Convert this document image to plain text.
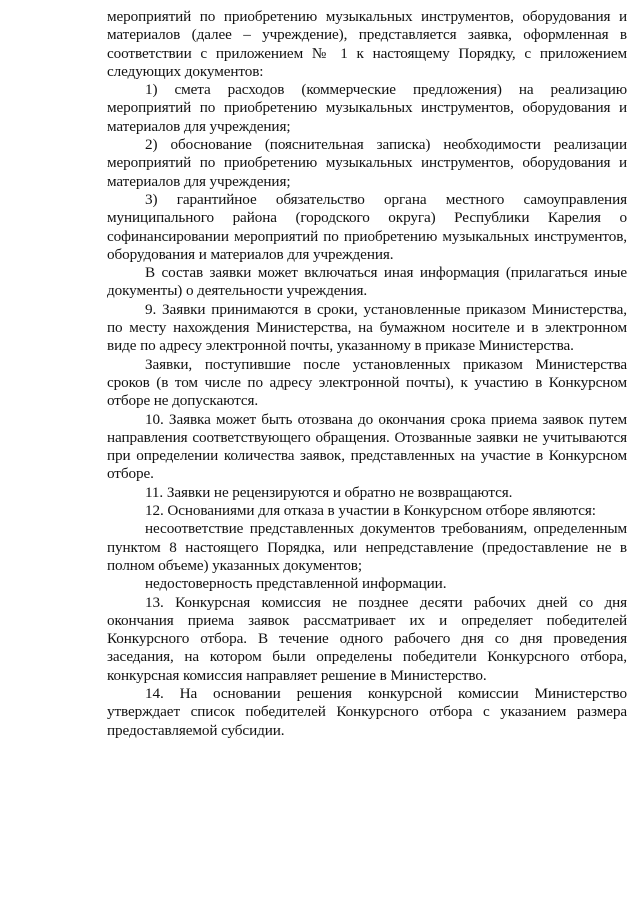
мероприятий по приобретению музыкальных инструментов, оборудования и материалов (далее – учреждение), представляется заявка, оформленная в соответствии с приложением № 1 к настоящему Порядку, с приложением следующих документов:

1) смета расходов (коммерческие предложения) на реализацию мероприятий по приобретению музыкальных инструментов, оборудования и материалов для учреждения;

2) обоснование (пояснительная записка) необходимости реализации мероприятий по приобретению музыкальных инструментов, оборудования и материалов для учреждения;

3) гарантийное обязательство органа местного самоуправления муниципального района (городского округа) Республики Карелия о софинансировании мероприятий по приобретению музыкальных инструментов, оборудования и материалов для учреждения.

В состав заявки может включаться иная информация (прилагаться иные документы) о деятельности учреждения.

9. Заявки принимаются в сроки, установленные приказом Министерства, по месту нахождения Министерства, на бумажном носителе и в электронном виде по адресу электронной почты, указанному в приказе Министерства.

Заявки, поступившие после установленных приказом Министерства сроков (в том числе по адресу электронной почты), к участию в Конкурсном отборе не допускаются.

10. Заявка может быть отозвана до окончания срока приема заявок путем направления соответствующего обращения. Отозванные заявки не учитываются при определении количества заявок, представленных на участие в Конкурсном отборе.

11. Заявки не рецензируются и обратно не возвращаются.

12. Основаниями для отказа в участии в Конкурсном отборе являются:

несоответствие представленных документов требованиям, определенным пунктом 8 настоящего Порядка, или непредставление (предоставление не в полном объеме) указанных документов;

недостоверность представленной информации.

13. Конкурсная комиссия не позднее десяти рабочих дней со дня окончания приема заявок рассматривает их и определяет победителей Конкурсного отбора. В течение одного рабочего дня со дня проведения заседания, на котором были определены победители Конкурсного отбора, конкурсная комиссия направляет решение в Министерство.

14. На основании решения конкурсной комиссии Министерство утверждает список победителей Конкурсного отбора с указанием размера предоставляемой субсидии.
